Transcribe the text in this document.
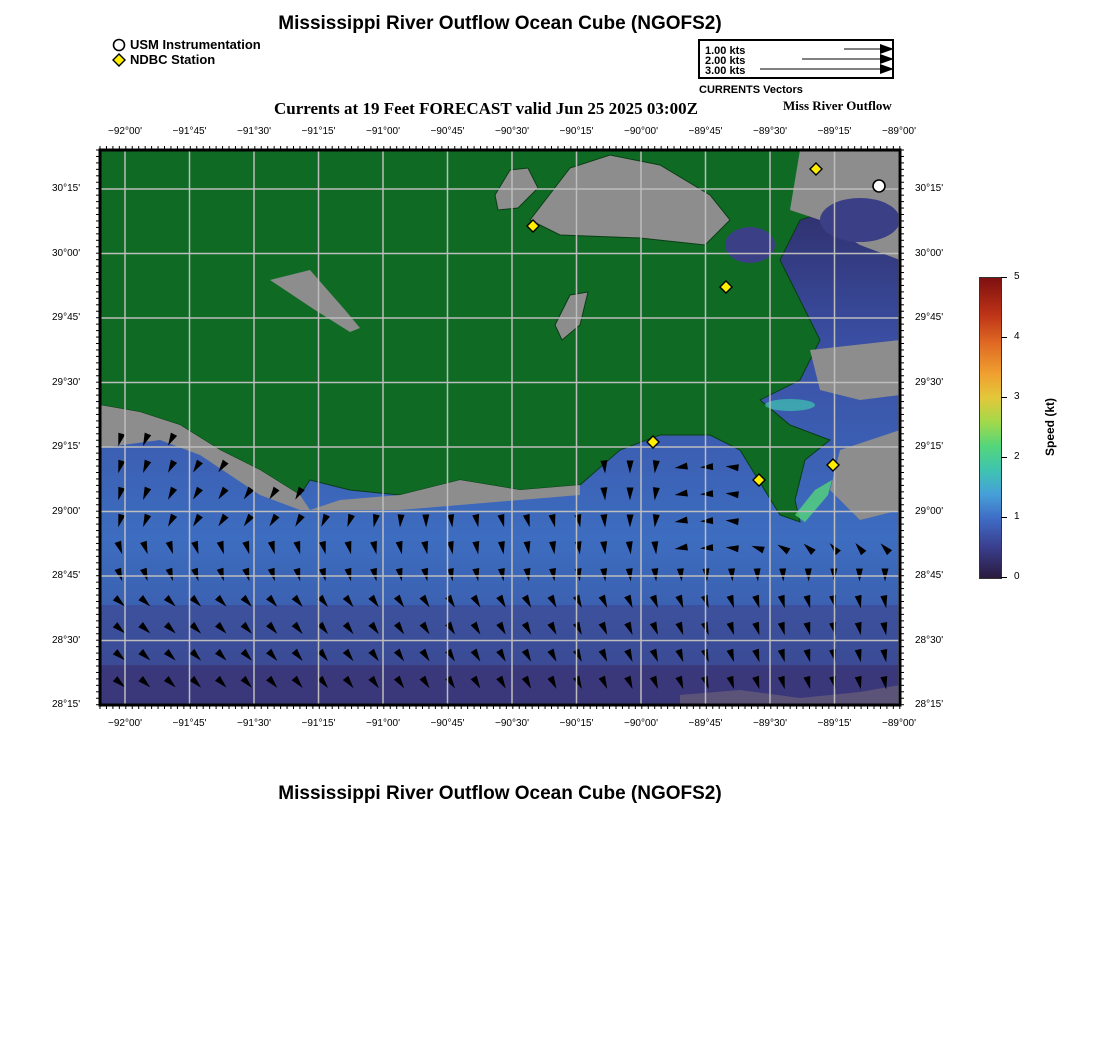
Mississippi River Outflow Ocean Cube (NGOFS2)
USM Instrumentation
NDBC Station
1.00 kts
2.00 kts
3.00 kts
CURRENTS Vectors
Currents at 19 Feet FORECAST valid Jun 25 2025 03:00Z	Miss River Outflow
Speed (kt)
Mississippi River Outflow Ocean Cube (NGOFS2)
−92°00'
−92°00'
−91°45'
−91°45'
−91°30'
−91°30'
−91°15'
−91°15'
−91°00'
−91°00'
−90°45'
−90°45'
−90°30'
−90°30'
−90°15'
−90°15'
−90°00'
−90°00'
−89°45'
−89°45'
−89°30'
−89°30'
−89°15'
−89°15'
−89°00'
−89°00'
30°15'	30°15'
30°00'	30°00'
29°45'	29°45'
29°30'	29°30'
29°15'	29°15'
29°00'	29°00'
28°45'	28°45'
28°30'	28°30'
28°15'	28°15'
5
4
3
2
1
0
